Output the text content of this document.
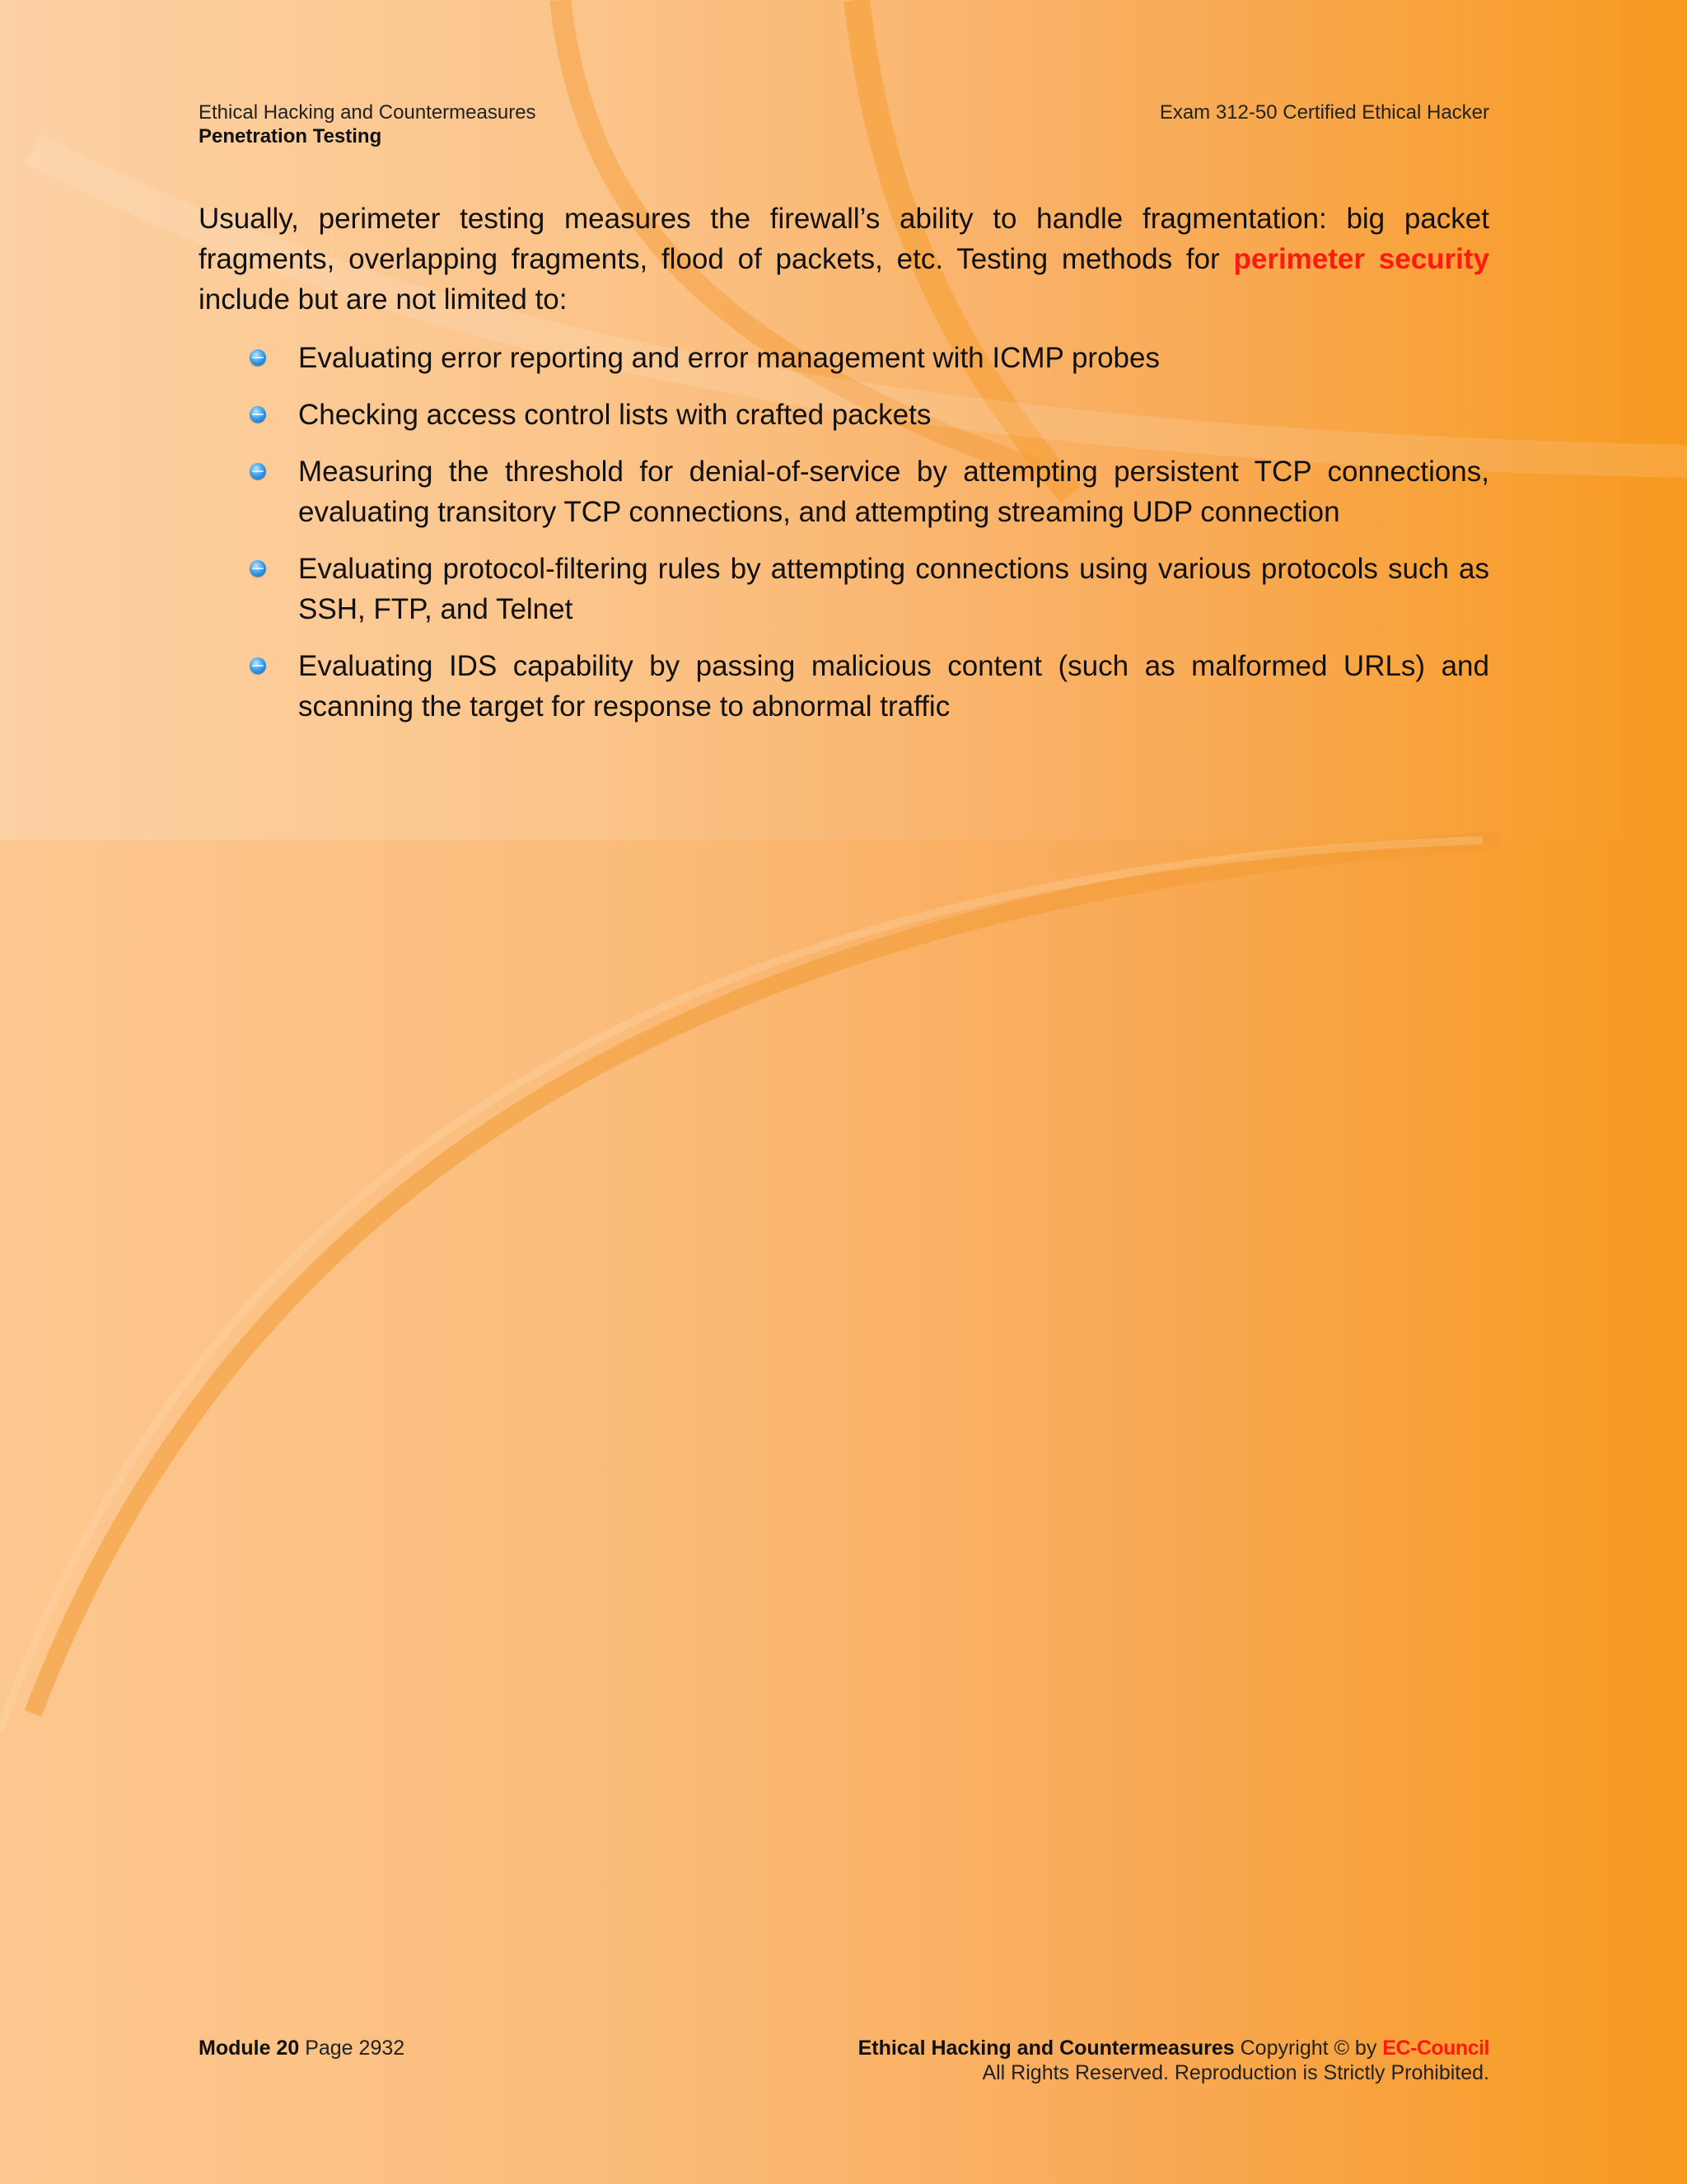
Ethical Hacking and Countermeasures
Penetration Testing
Exam 312-50 Certified Ethical Hacker

Usually, perimeter testing measures the firewall’s ability to handle fragmentation: big packet fragments, overlapping fragments, flood of packets, etc. Testing methods for perimeter security include but are not limited to:

Evaluating error reporting and error management with ICMP probes
Checking access control lists with crafted packets
Measuring the threshold for denial-of-service by attempting persistent TCP connections, evaluating transitory TCP connections, and attempting streaming UDP connection
Evaluating protocol-filtering rules by attempting connections using various protocols such as SSH, FTP, and Telnet
Evaluating IDS capability by passing malicious content (such as malformed URLs) and scanning the target for response to abnormal traffic
Module 20 Page 2932	Ethical Hacking and Countermeasures Copyright © by EC-Council
All Rights Reserved. Reproduction is Strictly Prohibited.
